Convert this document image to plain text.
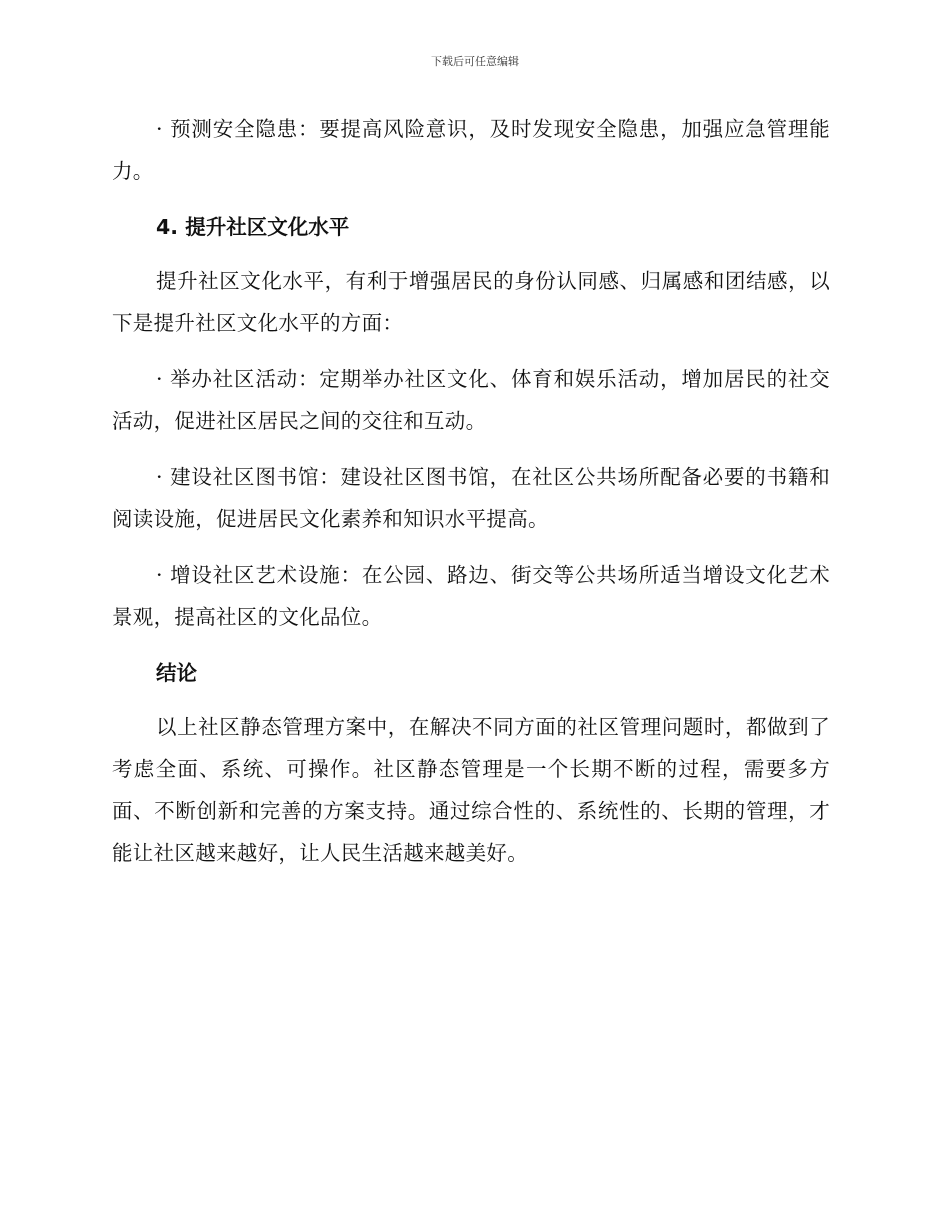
下载后可任意编辑

· 预测安全隐患：要提高风险意识，及时发现安全隐患，加强应急管理能力。

4. 提升社区文化水平

提升社区文化水平，有利于增强居民的身份认同感、归属感和团结感，以下是提升社区文化水平的方面：

· 举办社区活动：定期举办社区文化、体育和娱乐活动，增加居民的社交活动，促进社区居民之间的交往和互动。

· 建设社区图书馆：建设社区图书馆，在社区公共场所配备必要的书籍和阅读设施，促进居民文化素养和知识水平提高。

· 增设社区艺术设施：在公园、路边、街交等公共场所适当增设文化艺术景观，提高社区的文化品位。

结论

以上社区静态管理方案中，在解决不同方面的社区管理问题时，都做到了考虑全面、系统、可操作。社区静态管理是一个长期不断的过程，需要多方面、不断创新和完善的方案支持。通过综合性的、系统性的、长期的管理，才能让社区越来越好，让人民生活越来越美好。
